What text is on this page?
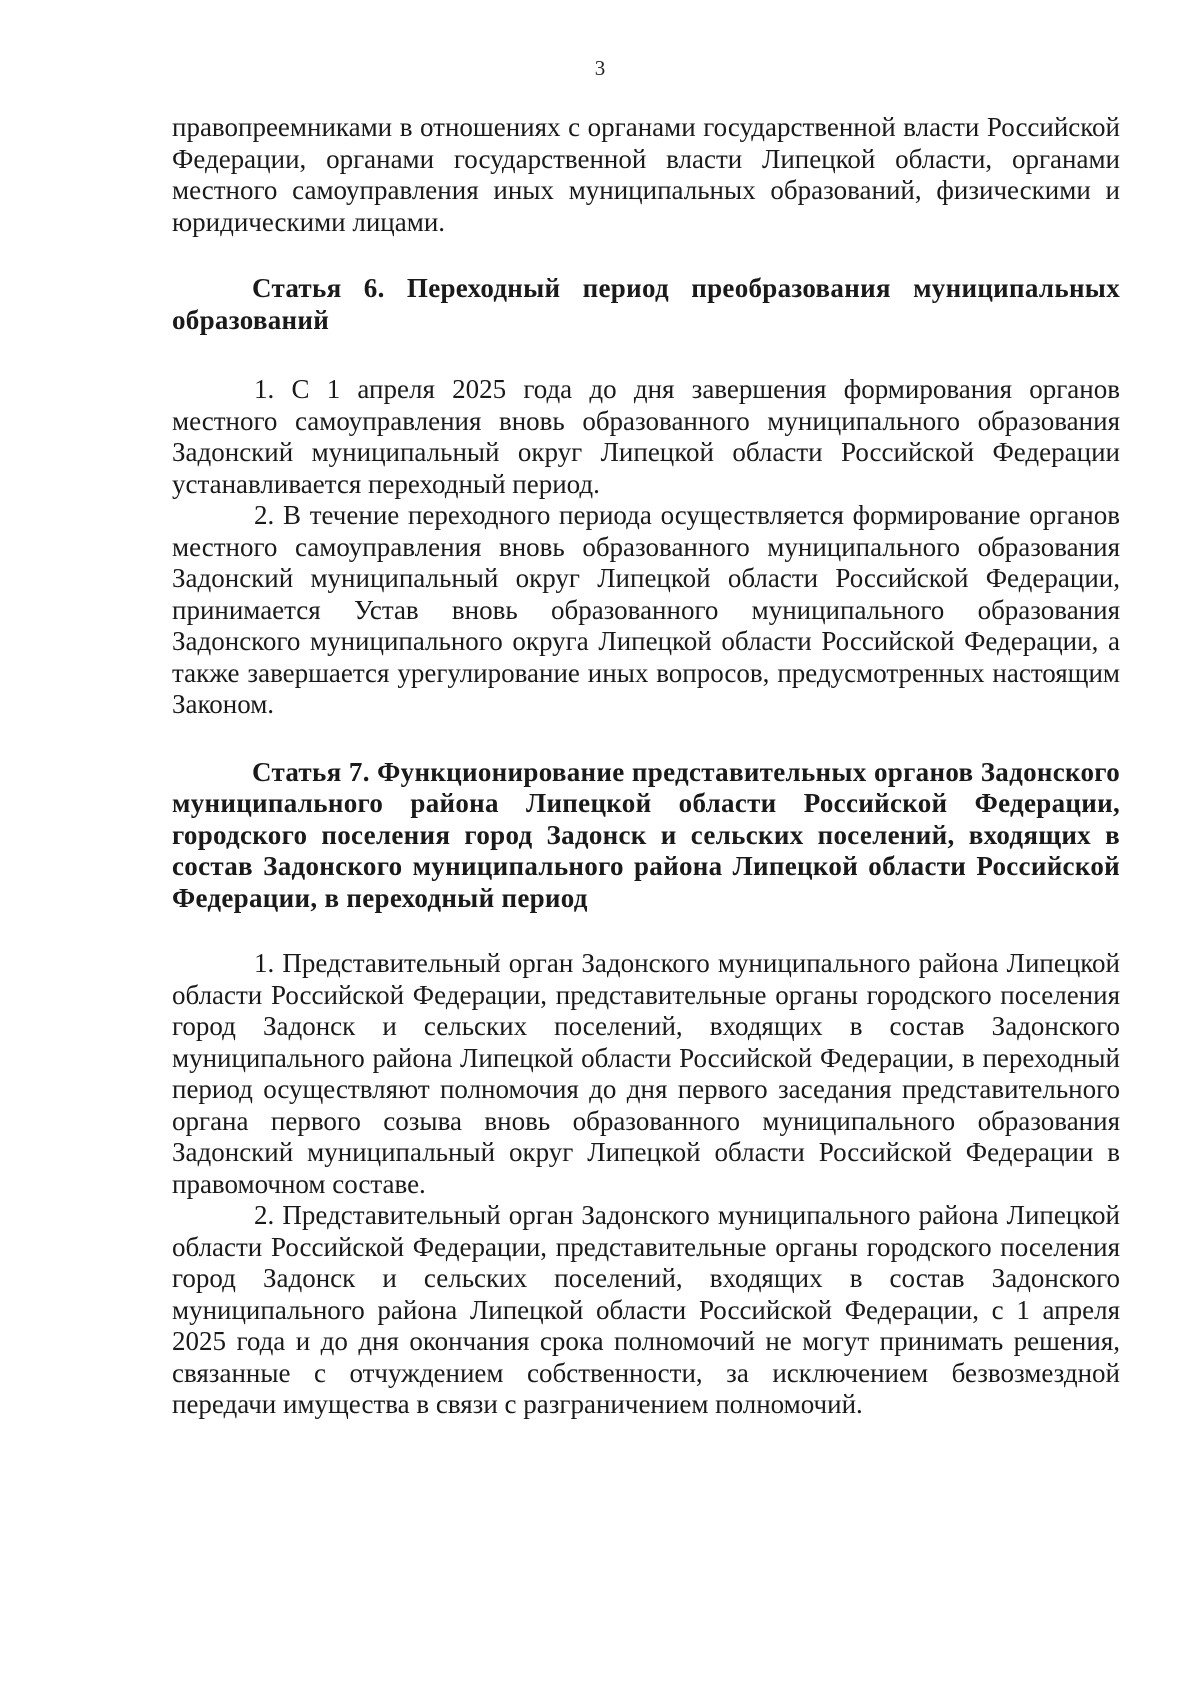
3

правопреемниками в отношениях с органами государственной власти Российской Федерации, органами государственной власти Липецкой области, органами местного самоуправления иных муниципальных образований, физическими и юридическими лицами.

Статья 6. Переходный период преобразования муниципальных образований

1. С 1 апреля 2025 года до дня завершения формирования органов местного самоуправления вновь образованного муниципального образования Задонский муниципальный округ Липецкой области Российской Федерации устанавливается переходный период.

2. В течение переходного периода осуществляется формирование органов местного самоуправления вновь образованного муниципального образования Задонский муниципальный округ Липецкой области Российской Федерации, принимается Устав вновь образованного муниципального образования Задонского муниципального округа Липецкой области Российской Федерации, а также завершается урегулирование иных вопросов, предусмотренных настоящим Законом.

Статья 7. Функционирование представительных органов Задонского муниципального района Липецкой области Российской Федерации, городского поселения город Задонск и сельских поселений, входящих в состав Задонского муниципального района Липецкой области Российской Федерации, в переходный период

1. Представительный орган Задонского муниципального района Липецкой области Российской Федерации, представительные органы городского поселения город Задонск и сельских поселений, входящих в состав Задонского муниципального района Липецкой области Российской Федерации, в переходный период осуществляют полномочия до дня первого заседания представительного органа первого созыва вновь образованного муниципального образования Задонский муниципальный округ Липецкой области Российской Федерации в правомочном составе.

2. Представительный орган Задонского муниципального района Липецкой области Российской Федерации, представительные органы городского поселения город Задонск и сельских поселений, входящих в состав Задонского муниципального района Липецкой области Российской Федерации, с 1 апреля 2025 года и до дня окончания срока полномочий не могут принимать решения, связанные с отчуждением собственности, за исключением безвозмездной передачи имущества в связи с разграничением полномочий.
